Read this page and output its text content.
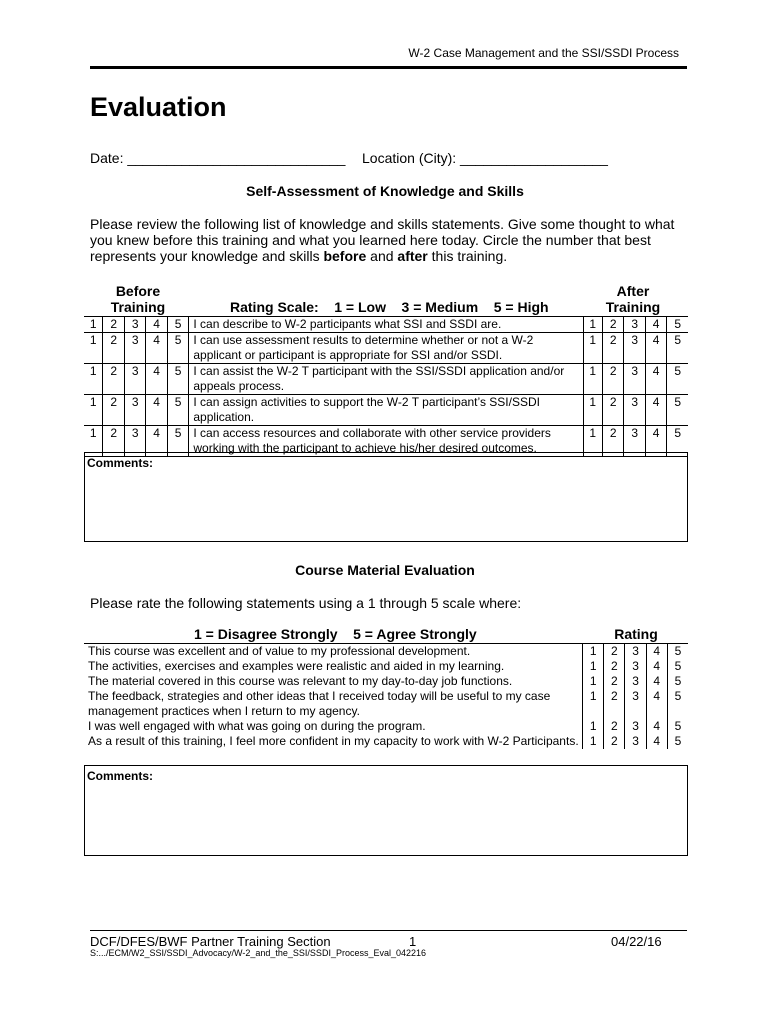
W-2 Case Management and the SSI/SSDI Process
Evaluation
Date: ____________________________ Location (City): ___________________
Self-Assessment of Knowledge and Skills
Please review the following list of knowledge and skills statements. Give some thought to what you knew before this training and what you learned here today. Circle the number that best represents your knowledge and skills before and after this training.
Before
Training
After
Training
Rating Scale:    1 = Low    3 = Medium    5 = High
1	2	3	4	5	I can describe to W-2 participants what SSI and SSDI are.	1	2	3	4	5
1	2	3	4	5	I can use assessment results to determine whether or not a W-2 applicant or participant is appropriate for SSI and/or SSDI.	1	2	3	4	5
1	2	3	4	5	I can assist the W-2 T participant with the SSI/SSDI application and/or appeals process.	1	2	3	4	5
1	2	3	4	5	I can assign activities to support the W-2 T participant’s SSI/SSDI application.	1	2	3	4	5
1	2	3	4	5	I can access resources and collaborate with other service providers working with the participant to achieve his/her desired outcomes.	1	2	3	4	5
Comments:
Course Material Evaluation
Please rate the following statements using a 1 through 5 scale where:
1 = Disagree Strongly    5 = Agree Strongly	Rating
This course was excellent and of value to my professional development.	1	2	3	4	5
The activities, exercises and examples were realistic and aided in my learning.	1	2	3	4	5
The material covered in this course was relevant to my day-to-day job functions.	1	2	3	4	5
The feedback, strategies and other ideas that I received today will be useful to my case management practices when I return to my agency.	1	2	3	4	5
I was well engaged with what was going on during the program.	1	2	3	4	5
As a result of this training, I feel more confident in my capacity to work with W-2 Participants.	1	2	3	4	5
Comments:
DCF/DFES/BWF Partner Training Section	1	04/22/16
S:.../ECM/W2_SSI/SSDI_Advocacy/W-2_and_the_SSI/SSDI_Process_Eval_042216
